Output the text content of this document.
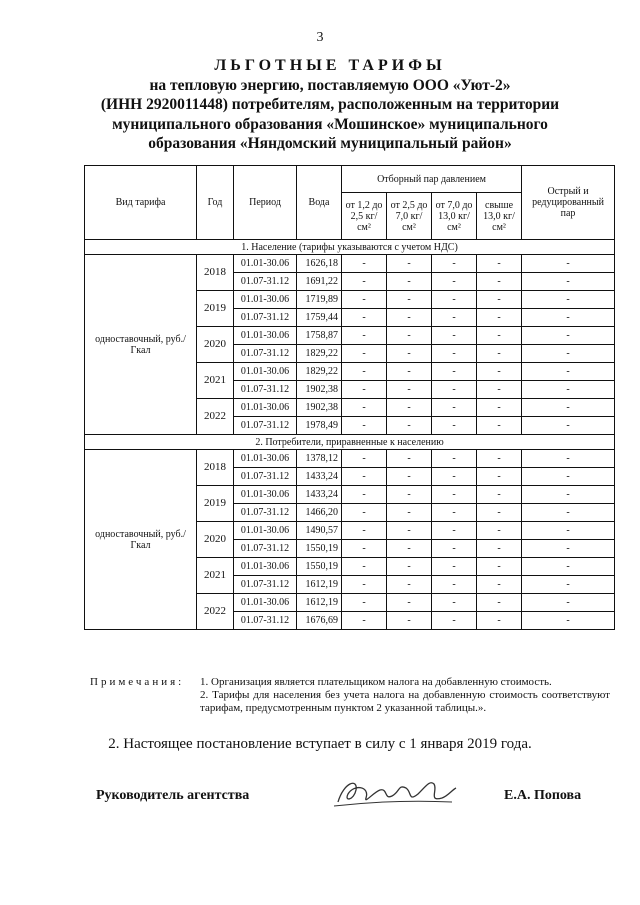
3
ЛЬГОТНЫЕ ТАРИФЫ
на тепловую энергию, поставляемую ООО «Уют-2»
(ИНН 2920011448) потребителям, расположенным на территории
муниципального образования «Мошинское» муниципального
образования «Няндомский муниципальный район»
Вид тарифа	Год	Период	Вода	Отборный пар давлением				Острый и редуцированный пар
				от 1,2 до 2,5 кг/см²	от 2,5 до 7,0 кг/см²	от 7,0 до 13,0 кг/см²	свыше 13,0 кг/см²	
1. Население (тарифы указываются с учетом НДС)								
одноставочный, руб./Гкал	2018	01.01-30.06	1626,18	-	-	-	-	-
		01.07-31.12	1691,22	-	-	-	-	-
	2019	01.01-30.06	1719,89	-	-	-	-	-
		01.07-31.12	1759,44	-	-	-	-	-
	2020	01.01-30.06	1758,87	-	-	-	-	-
		01.07-31.12	1829,22	-	-	-	-	-
	2021	01.01-30.06	1829,22	-	-	-	-	-
		01.07-31.12	1902,38	-	-	-	-	-
	2022	01.01-30.06	1902,38	-	-	-	-	-
		01.07-31.12	1978,49	-	-	-	-	-
2. Потребители, приравненные к населению								
одноставочный, руб./Гкал	2018	01.01-30.06	1378,12	-	-	-	-	-
		01.07-31.12	1433,24	-	-	-	-	-
	2019	01.01-30.06	1433,24	-	-	-	-	-
		01.07-31.12	1466,20	-	-	-	-	-
	2020	01.01-30.06	1490,57	-	-	-	-	-
		01.07-31.12	1550,19	-	-	-	-	-
	2021	01.01-30.06	1550,19	-	-	-	-	-
		01.07-31.12	1612,19	-	-	-	-	-
	2022	01.01-30.06	1612,19	-	-	-	-	-
		01.07-31.12	1676,69	-	-	-	-	-
Примечания: 1. Организация является плательщиком налога на добавленную стоимость.
2. Тарифы для населения без учета налога на добавленную стоимость соответствуют тарифам, предусмотренным пунктом 2 указанной таблицы.».
2. Настоящее постановление вступает в силу с 1 января 2019 года.
Руководитель агентства	Е.А. Попова
